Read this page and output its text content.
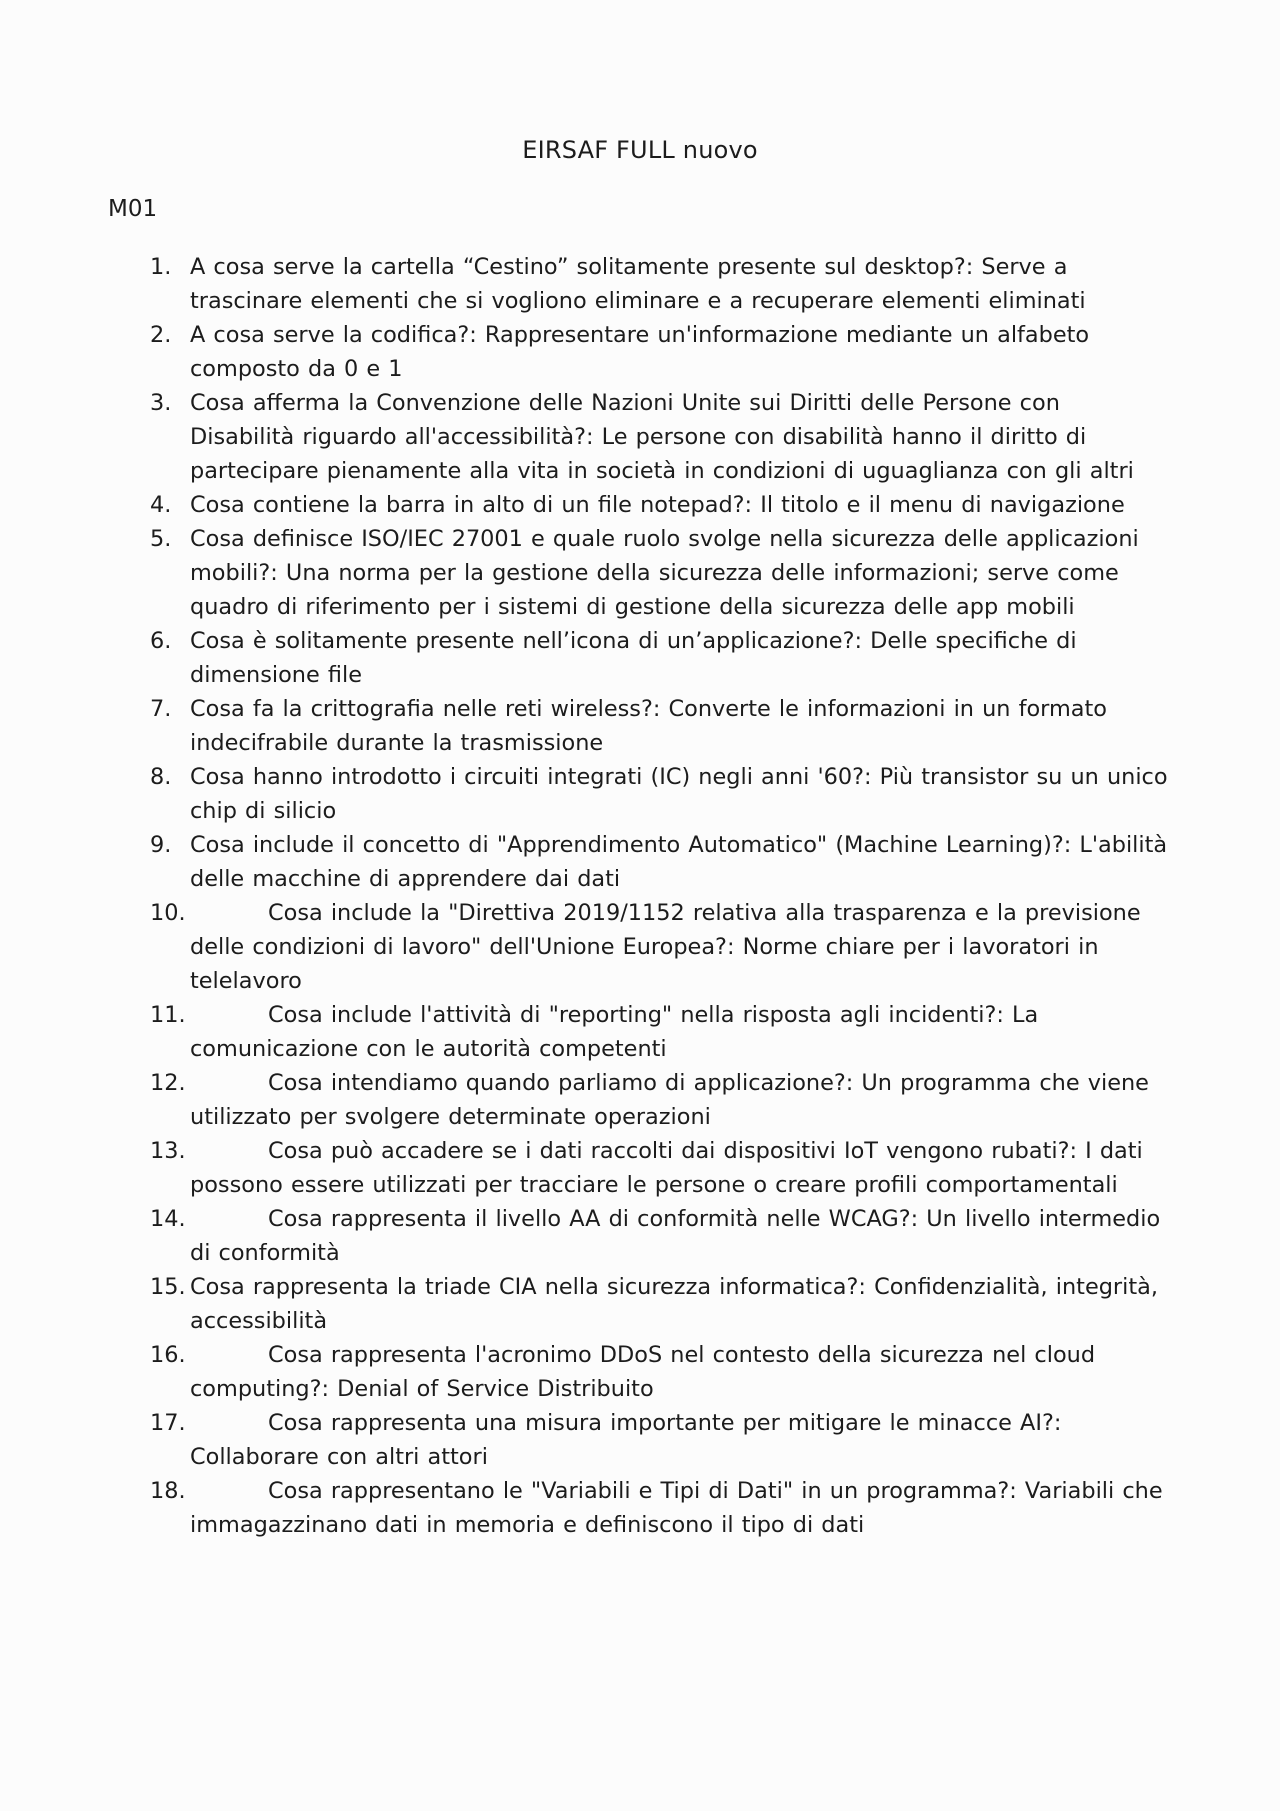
EIRSAF FULL nuovo
M01
1. A cosa serve la cartella “Cestino” solitamente presente sul desktop?: Serve a trascinare elementi che si vogliono eliminare e a recuperare elementi eliminati
2. A cosa serve la codifica?: Rappresentare un'informazione mediante un alfabeto composto da 0 e 1
3. Cosa afferma la Convenzione delle Nazioni Unite sui Diritti delle Persone con Disabilità riguardo all'accessibilità?: Le persone con disabilità hanno il diritto di partecipare pienamente alla vita in società in condizioni di uguaglianza con gli altri
4. Cosa contiene la barra in alto di un file notepad?: Il titolo e il menu di navigazione
5. Cosa definisce ISO/IEC 27001 e quale ruolo svolge nella sicurezza delle applicazioni mobili?: Una norma per la gestione della sicurezza delle informazioni; serve come quadro di riferimento per i sistemi di gestione della sicurezza delle app mobili
6. Cosa è solitamente presente nell’icona di un’applicazione?: Delle specifiche di dimensione file
7. Cosa fa la crittografia nelle reti wireless?: Converte le informazioni in un formato indecifrabile durante la trasmissione
8. Cosa hanno introdotto i circuiti integrati (IC) negli anni '60?: Più transistor su un unico chip di silicio
9. Cosa include il concetto di "Apprendimento Automatico" (Machine Learning)?: L'abilità delle macchine di apprendere dai dati
10.	Cosa include la "Direttiva 2019/1152 relativa alla trasparenza e la previsione delle condizioni di lavoro" dell'Unione Europea?: Norme chiare per i lavoratori in telelavoro
11.	Cosa include l'attività di "reporting" nella risposta agli incidenti?: La comunicazione con le autorità competenti
12.	Cosa intendiamo quando parliamo di applicazione?: Un programma che viene utilizzato per svolgere determinate operazioni
13.	Cosa può accadere se i dati raccolti dai dispositivi IoT vengono rubati?: I dati possono essere utilizzati per tracciare le persone o creare profili comportamentali
14.	Cosa rappresenta il livello AA di conformità nelle WCAG?: Un livello intermedio di conformità
15. Cosa rappresenta la triade CIA nella sicurezza informatica?: Confidenzialità, integrità, accessibilità
16.	Cosa rappresenta l'acronimo DDoS nel contesto della sicurezza nel cloud computing?: Denial of Service Distribuito
17.	Cosa rappresenta una misura importante per mitigare le minacce AI?: Collaborare con altri attori
18.	Cosa rappresentano le "Variabili e Tipi di Dati" in un programma?: Variabili che immagazzinano dati in memoria e definiscono il tipo di dati
